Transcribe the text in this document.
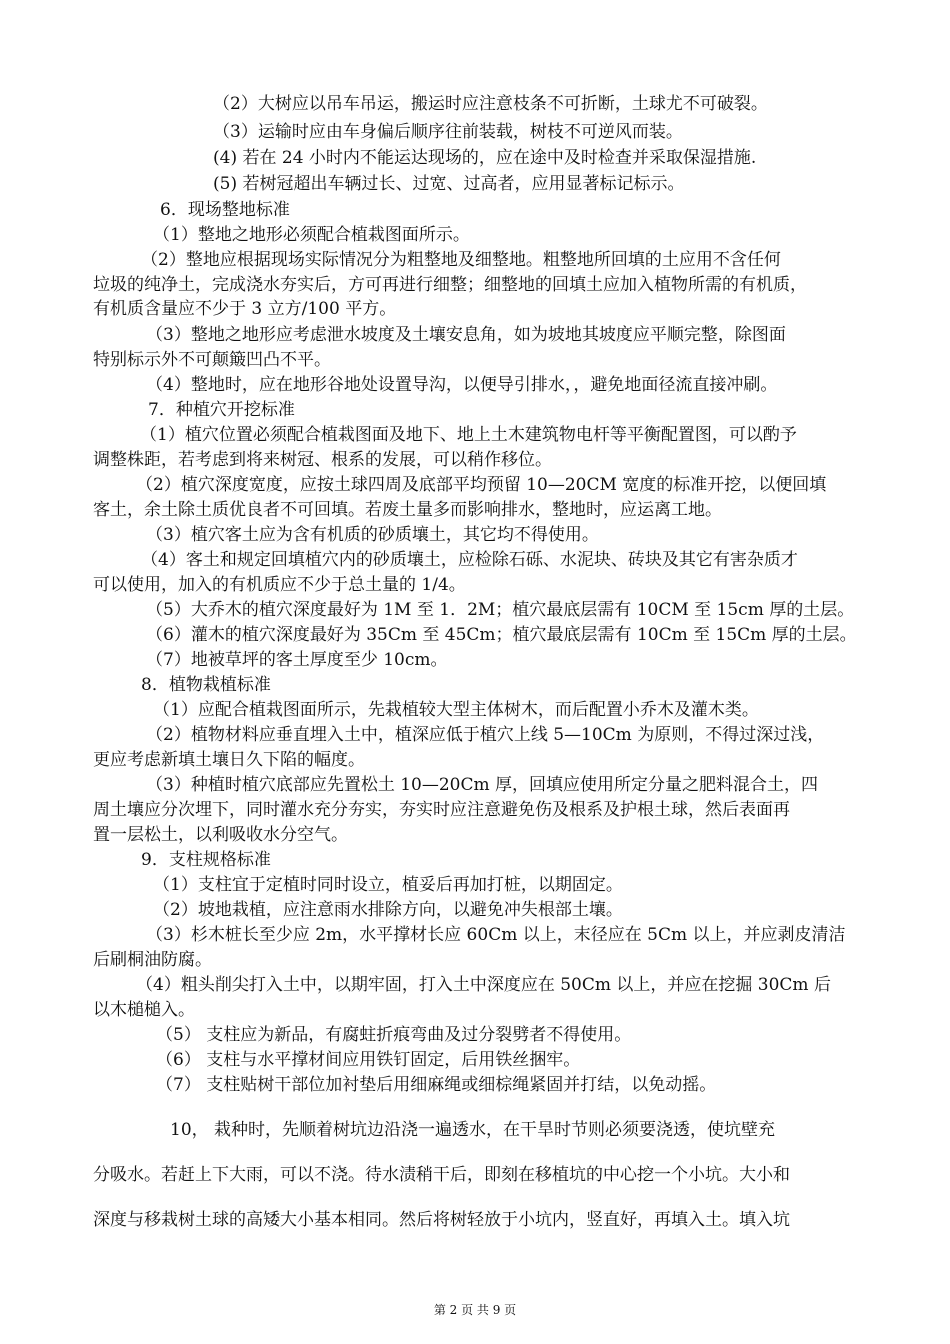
（2）大树应以吊车吊运，搬运时应注意枝条不可折断，土球尤不可破裂。
（3）运输时应由车身偏后顺序往前装载，树枝不可逆风而装。
(4) 若在 24 小时内不能运达现场的，应在途中及时检查并采取保湿措施.
(5) 若树冠超出车辆过长、过宽、过高者，应用显著标记标示。
6．现场整地标准
（1）整地之地形必须配合植栽图面所示。
（2）整地应根据现场实际情况分为粗整地及细整地。粗整地所回填的土应用不含任何
垃圾的纯净土，完成浇水夯实后，方可再进行细整；细整地的回填土应加入植物所需的有机质，
有机质含量应不少于 3 立方/100 平方。
（3）整地之地形应考虑泄水坡度及土壤安息角，如为坡地其坡度应平顺完整，除图面
特别标示外不可颠簸凹凸不平。
（4）整地时，应在地形谷地处设置导沟，以便导引排水，，避免地面径流直接冲刷。
7．种植穴开挖标准
（1）植穴位置必须配合植栽图面及地下、地上土木建筑物电杆等平衡配置图，可以酌予
调整株距，若考虑到将来树冠、根系的发展，可以稍作移位。
（2）植穴深度宽度，应按土球四周及底部平均预留 10—20CM 宽度的标准开挖，以便回填
客土，余土除土质优良者不可回填。若废土量多而影响排水，整地时，应运离工地。
（3）植穴客土应为含有机质的砂质壤土，其它均不得使用。
（4）客土和规定回填植穴内的砂质壤土，应检除石砾、水泥块、砖块及其它有害杂质才
可以使用，加入的有机质应不少于总土量的 1/4。
（5）大乔木的植穴深度最好为 1M 至 1．2M；植穴最底层需有 10CM 至 15cm 厚的土层。
（6）灌木的植穴深度最好为 35Cm 至 45Cm；植穴最底层需有 10Cm 至 15Cm 厚的土层。
（7）地被草坪的客土厚度至少 10cm。
8．植物栽植标准
（1）应配合植栽图面所示，先栽植较大型主体树木，而后配置小乔木及灌木类。
（2）植物材料应垂直埋入土中，植深应低于植穴上线 5—10Cm 为原则，不得过深过浅，
更应考虑新填土壤日久下陷的幅度。
（3）种植时植穴底部应先置松土 10—20Cm 厚，回填应使用所定分量之肥料混合土，四
周土壤应分次埋下，同时灌水充分夯实，夯实时应注意避免伤及根系及护根土球，然后表面再
置一层松土，以利吸收水分空气。
9．支柱规格标准
（1）支柱宜于定植时同时设立，植妥后再加打桩，以期固定。
（2）坡地栽植，应注意雨水排除方向，以避免冲失根部土壤。
（3）杉木桩长至少应 2m，水平撑材长应 60Cm 以上，末径应在 5Cm 以上，并应剥皮清洁
后刷桐油防腐。
（4）粗头削尖打入土中，以期牢固，打入土中深度应在 50Cm 以上，并应在挖掘 30Cm 后
以木槌槌入。
（5） 支柱应为新品，有腐蛀折痕弯曲及过分裂劈者不得使用。
（6） 支柱与水平撑材间应用铁钉固定，后用铁丝捆牢。
（7） 支柱贴树干部位加衬垫后用细麻绳或细棕绳紧固并打结，以免动摇。
10， 栽种时，先顺着树坑边沿浇一遍透水，在干旱时节则必须要浇透，使坑壁充
分吸水。若赶上下大雨，可以不浇。待水渍稍干后，即刻在移植坑的中心挖一个小坑。大小和
深度与移栽树土球的高矮大小基本相同。然后将树轻放于小坑内，竖直好，再填入土。填入坑
第 2 页 共 9 页
